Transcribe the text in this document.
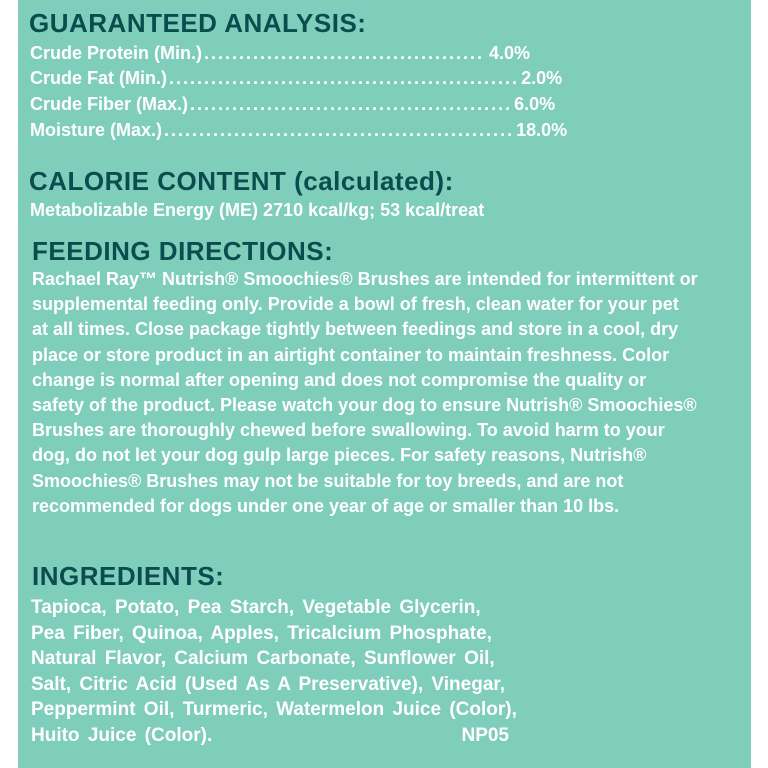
GUARANTEED ANALYSIS:
Crude Protein (Min.) ........................................ 4.0%
Crude Fat (Min.) .................................................. 2.0%
Crude Fiber (Max.) .............................................. 6.0%
Moisture (Max.) .................................................. 18.0%
CALORIE CONTENT (calculated):
Metabolizable Energy (ME) 2710 kcal/kg; 53 kcal/treat
FEEDING DIRECTIONS:
Rachael Ray™ Nutrish® Smoochies® Brushes are intended for intermittent or
supplemental feeding only. Provide a bowl of fresh, clean water for your pet
at all times. Close package tightly between feedings and store in a cool, dry
place or store product in an airtight container to maintain freshness. Color
change is normal after opening and does not compromise the quality or
safety of the product. Please watch your dog to ensure Nutrish® Smoochies®
Brushes are thoroughly chewed before swallowing. To avoid harm to your
dog, do not let your dog gulp large pieces. For safety reasons, Nutrish®
Smoochies® Brushes may not be suitable for toy breeds, and are not
recommended for dogs under one year of age or smaller than 10 lbs.
INGREDIENTS:
Tapioca, Potato, Pea Starch, Vegetable Glycerin,
Pea Fiber, Quinoa, Apples, Tricalcium Phosphate,
Natural Flavor, Calcium Carbonate, Sunflower Oil,
Salt, Citric Acid (Used As A Preservative), Vinegar,
Peppermint Oil, Turmeric, Watermelon Juice (Color),
Huito Juice (Color).	NP05
